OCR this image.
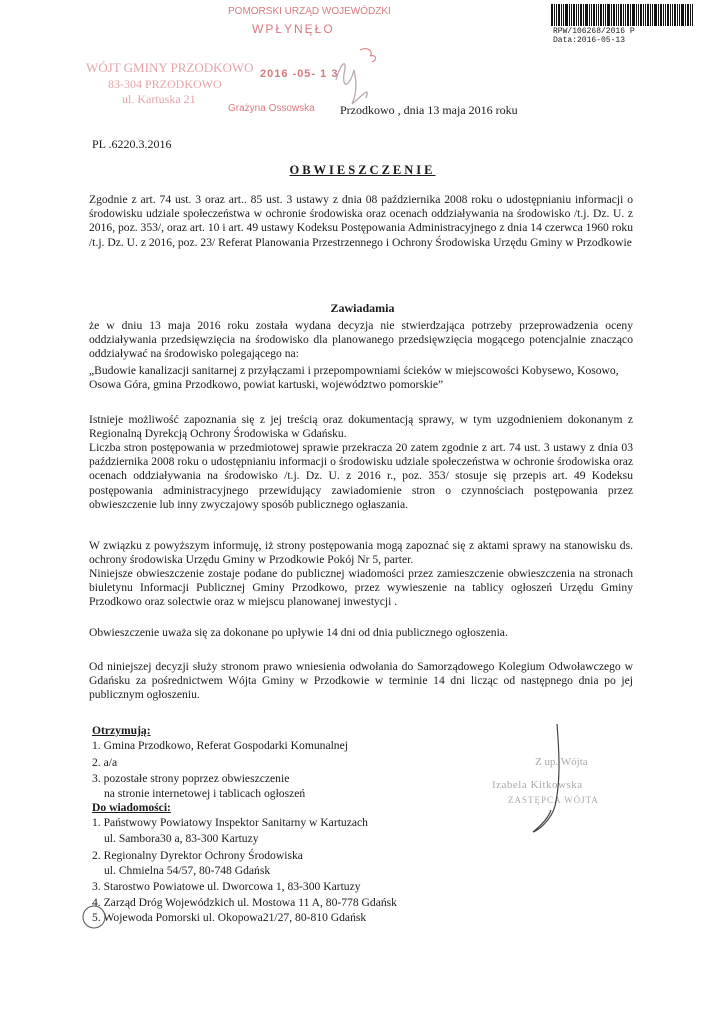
RPW/106268/2016 P
Data:2016-05-13
POMORSKI URZĄD WOJEWÓDZKI
WPŁYNĘŁO
2016 -05- 1 3
Grażyna Ossowska
WÓJT GMINY PRZODKOWO
83-304 PRZODKOWO
ul. Kartuska 21
Przodkowo , dnia 13 maja 2016 roku
PL .6220.3.2016
OBWIESZCZENIE
Zgodnie z art. 74 ust. 3 oraz art.. 85 ust. 3 ustawy z dnia 08 października 2008 roku o udostępnianiu informacji o środowisku udziale społeczeństwa w ochronie środowiska oraz ocenach oddziaływania na środowisko /t.j. Dz. U. z 2016, poz. 353/, oraz art. 10 i art. 49 ustawy Kodeksu Postępowania Administracyjnego z dnia 14 czerwca 1960 roku /t.j. Dz. U. z 2016, poz. 23/ Referat Planowania Przestrzennego i Ochrony Środowiska Urzędu Gminy w Przodkowie
Zawiadamia
że w dniu 13 maja 2016 roku została wydana decyzja nie stwierdzająca potrzeby przeprowadzenia oceny oddziaływania przedsięwzięcia na środowisko dla planowanego przedsięwzięcia mogącego potencjalnie znacząco oddziaływać na środowisko polegającego na:
„Budowie kanalizacji sanitarnej z przyłączami i przepompowniami ścieków w miejscowości Kobysewo, Kosowo, Osowa Góra, gmina Przodkowo, powiat kartuski, województwo pomorskie”
Istnieje możliwość zapoznania się z jej treścią oraz dokumentacją sprawy, w tym uzgodnieniem dokonanym z Regionalną Dyrekcją Ochrony Środowiska w Gdańsku.
Liczba stron postępowania w przedmiotowej sprawie przekracza 20 zatem zgodnie z art. 74 ust. 3 ustawy z dnia 03 października 2008 roku o udostępnianiu informacji o środowisku udziale społeczeństwa w ochronie środowiska oraz ocenach oddziaływania na środowisko /t.j. Dz. U. z 2016 r., poz. 353/ stosuje się przepis art. 49 Kodeksu postępowania administracyjnego przewidujący zawiadomienie stron o czynnościach postępowania przez obwieszczenie lub inny zwyczajowy sposób publicznego ogłaszania.
W związku z powyższym informuję, iż strony postępowania mogą zapoznać się z aktami sprawy na stanowisku ds. ochrony środowiska Urzędu Gminy w Przodkowie Pokój Nr 5, parter.
Niniejsze obwieszczenie zostaje podane do publicznej wiadomości przez zamieszczenie obwieszczenia na stronach biuletynu Informacji Publicznej Gminy Przodkowo, przez wywieszenie na tablicy ogłoszeń Urzędu Gminy Przodkowo oraz solectwie oraz w miejscu planowanej inwestycji .
Obwieszczenie uważa się za dokonane po upływie 14 dni od dnia publicznego ogłoszenia.
Od niniejszej decyzji służy stronom prawo wniesienia odwołania do Samorządowego Kolegium Odwoławczego w Gdańsku za pośrednictwem Wójta Gminy w Przodkowie w terminie 14 dni licząc od następnego dnia po jej publicznym ogłoszeniu.
Otrzymują:
1. Gmina Przodkowo, Referat Gospodarki Komunalnej
2. a/a
3. pozostałe strony poprzez obwieszczenie
na stronie internetowej i tablicach ogłoszeń
Do wiadomości:
1. Państwowy Powiatowy Inspektor Sanitarny w Kartuzach
ul. Sambora30 a, 83-300 Kartuzy
2. Regionalny Dyrektor Ochrony Środowiska
ul. Chmielna 54/57, 80-748 Gdańsk
3. Starostwo Powiatowe ul. Dworcowa 1, 83-300 Kartuzy
4. Zarząd Dróg Wojewódzkich ul. Mostowa 11 A, 80-778 Gdańsk
5. Wojewoda Pomorski ul. Okopowa21/27, 80-810 Gdańsk
Z up. Wójta
Izabela Kitkowska
ZASTĘPCA WÓJTA
